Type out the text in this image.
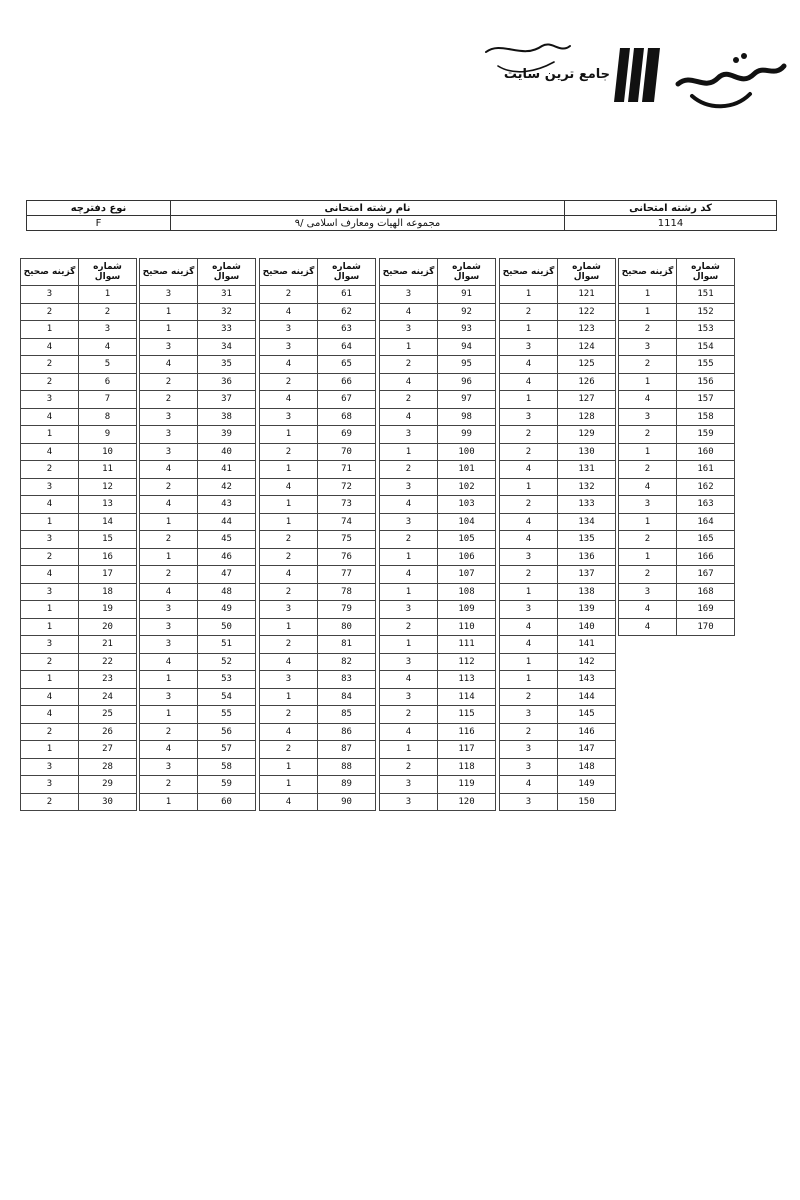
جامع ترین سایت
کد رشته امتحانی	نام رشته امتحانی	نوع دفترچه
1114	مجموعه الهیات ومعارف اسلامی /۹	F
شماره سوال	گزینه صحیح
1	3
2	2
3	1
4	4
5	2
6	2
7	3
8	4
9	1
10	4
11	2
12	3
13	4
14	1
15	3
16	2
17	4
18	3
19	1
20	1
21	3
22	2
23	1
24	4
25	4
26	2
27	1
28	3
29	3
30	2
شماره سوال	گزینه صحیح
31	3
32	1
33	1
34	3
35	4
36	2
37	2
38	3
39	3
40	3
41	4
42	2
43	4
44	1
45	2
46	1
47	2
48	4
49	3
50	3
51	3
52	4
53	1
54	3
55	1
56	2
57	4
58	3
59	2
60	1
شماره سوال	گزینه صحیح
61	2
62	4
63	3
64	3
65	4
66	2
67	4
68	3
69	1
70	2
71	1
72	4
73	1
74	1
75	2
76	2
77	4
78	2
79	3
80	1
81	2
82	4
83	3
84	1
85	2
86	4
87	2
88	1
89	1
90	4
شماره سوال	گزینه صحیح
91	3
92	4
93	3
94	1
95	2
96	4
97	2
98	4
99	3
100	1
101	2
102	3
103	4
104	3
105	2
106	1
107	4
108	1
109	3
110	2
111	1
112	3
113	4
114	3
115	2
116	4
117	1
118	2
119	3
120	3
شماره سوال	گزینه صحیح
121	1
122	2
123	1
124	3
125	4
126	4
127	1
128	3
129	2
130	2
131	4
132	1
133	2
134	4
135	4
136	3
137	2
138	1
139	3
140	4
141	4
142	1
143	1
144	2
145	3
146	2
147	3
148	3
149	4
150	3
شماره سوال	گزینه صحیح
151	1
152	1
153	2
154	3
155	2
156	1
157	4
158	3
159	2
160	1
161	2
162	4
163	3
164	1
165	2
166	1
167	2
168	3
169	4
170	4
